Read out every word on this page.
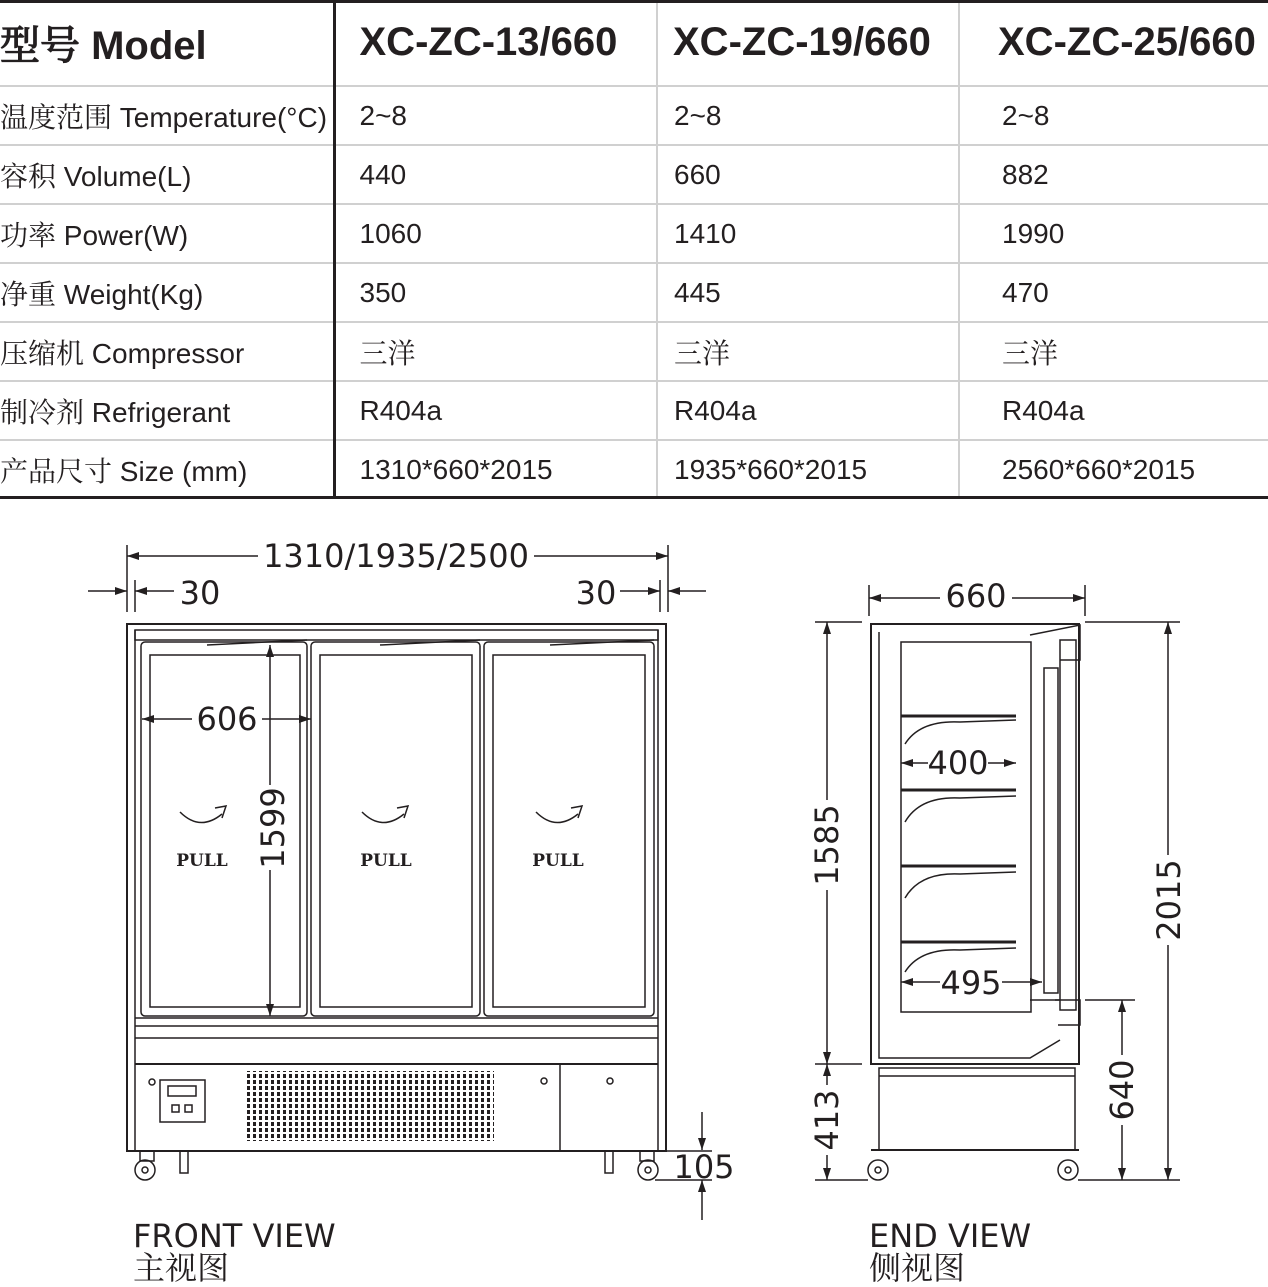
型号 Model	XC-ZC-13/660	XC-ZC-19/660	XC-ZC-25/660
温度范围 Temperature(°C)	2~8	2~8	2~8
容积 Volume(L)	440	660	882
功率 Power(W)	1060	1410	1990
净重 Weight(Kg)	350	445	470
压缩机 Compressor	三洋	三洋	三洋
制冷剂 Refrigerant	R404a	R404a	R404a
产品尺寸 Size (mm)	1310*660*2015	1935*660*2015	2560*660*2015
1310/1935/2500
30	30
606
1599
105
PULL	PULL	PULL
660
400
495
1585
413
2015
640
FRONT VIEW
主视图
END VIEW
侧视图
